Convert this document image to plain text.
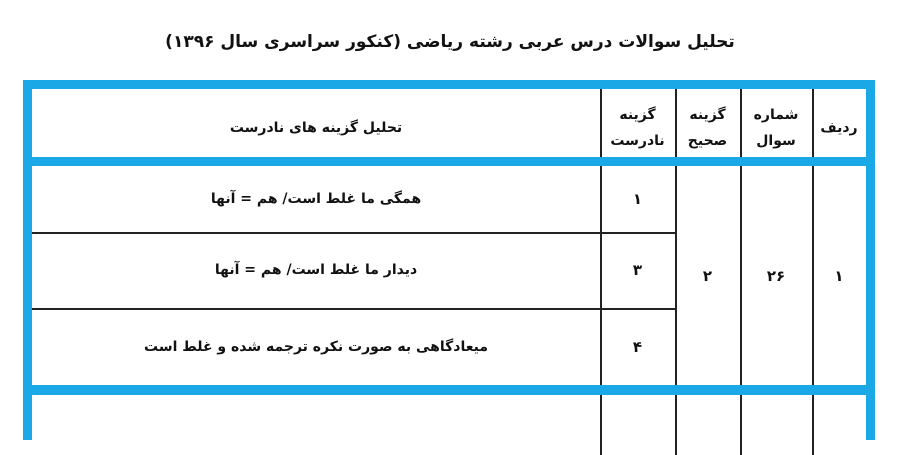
تحلیل سوالات درس عربی رشته ریاضی (کنکور سراسری سال ۱۳۹۶)
ردیف
شماره
سوال
گزینه
صحیح
گزینه
نادرست
تحلیل گزینه های نادرست
۱
۲۶
۲
۱
همگی ما غلط است/ هم = آنها
۳
دیدار ما غلط است/ هم = آنها
۴
میعادگاهی به صورت نکره ترجمه شده و غلط است
